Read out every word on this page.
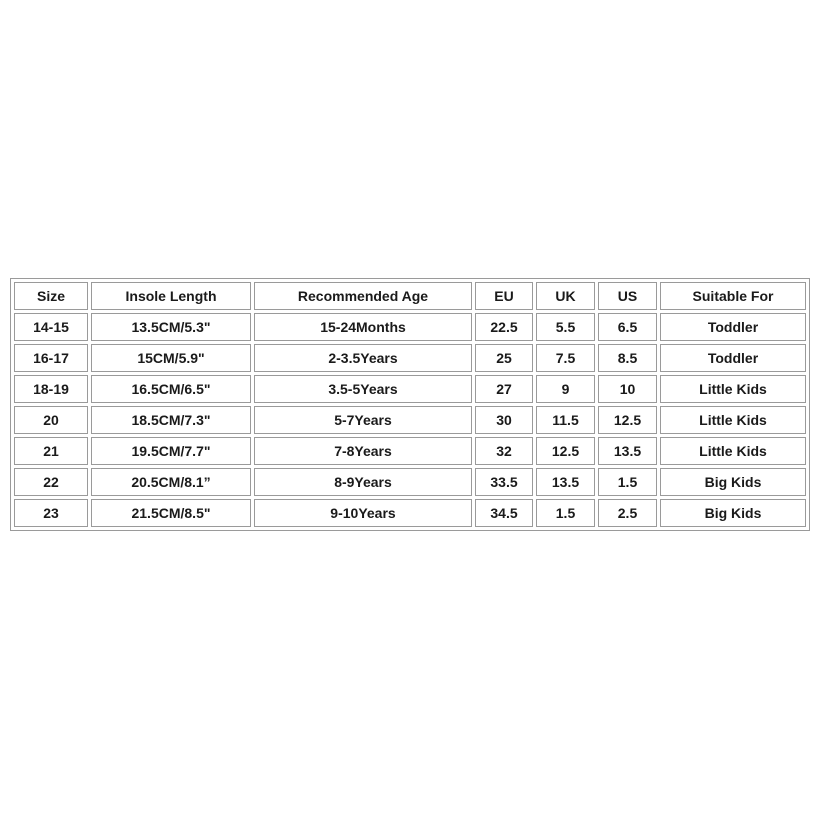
Size	Insole Length	Recommended Age	EU	UK	US	Suitable For
14-15	13.5CM/5.3"	15-24Months	22.5	5.5	6.5	Toddler
16-17	15CM/5.9"	2-3.5Years	25	7.5	8.5	Toddler
18-19	16.5CM/6.5"	3.5-5Years	27	9	10	Little Kids
20	18.5CM/7.3"	5-7Years	30	11.5	12.5	Little Kids
21	19.5CM/7.7"	7-8Years	32	12.5	13.5	Little Kids
22	20.5CM/8.1”	8-9Years	33.5	13.5	1.5	Big Kids
23	21.5CM/8.5"	9-10Years	34.5	1.5	2.5	Big Kids
